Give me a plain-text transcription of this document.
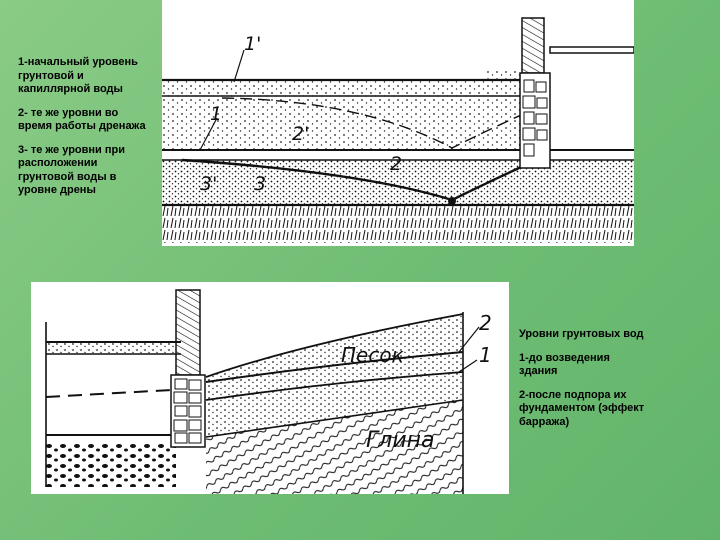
1'
1
2'
2
3' 3

1-начальный уровень грунтовой и капиллярной воды

2- те же уровни во время работы дренажа

3- те же уровни при расположении грунтовой воды в уровне дрены

Песок
Глина
2
1

Уровни грунтовых вод

1-до возведения здания

2-после подпора их фундаментом (эффект барража)
